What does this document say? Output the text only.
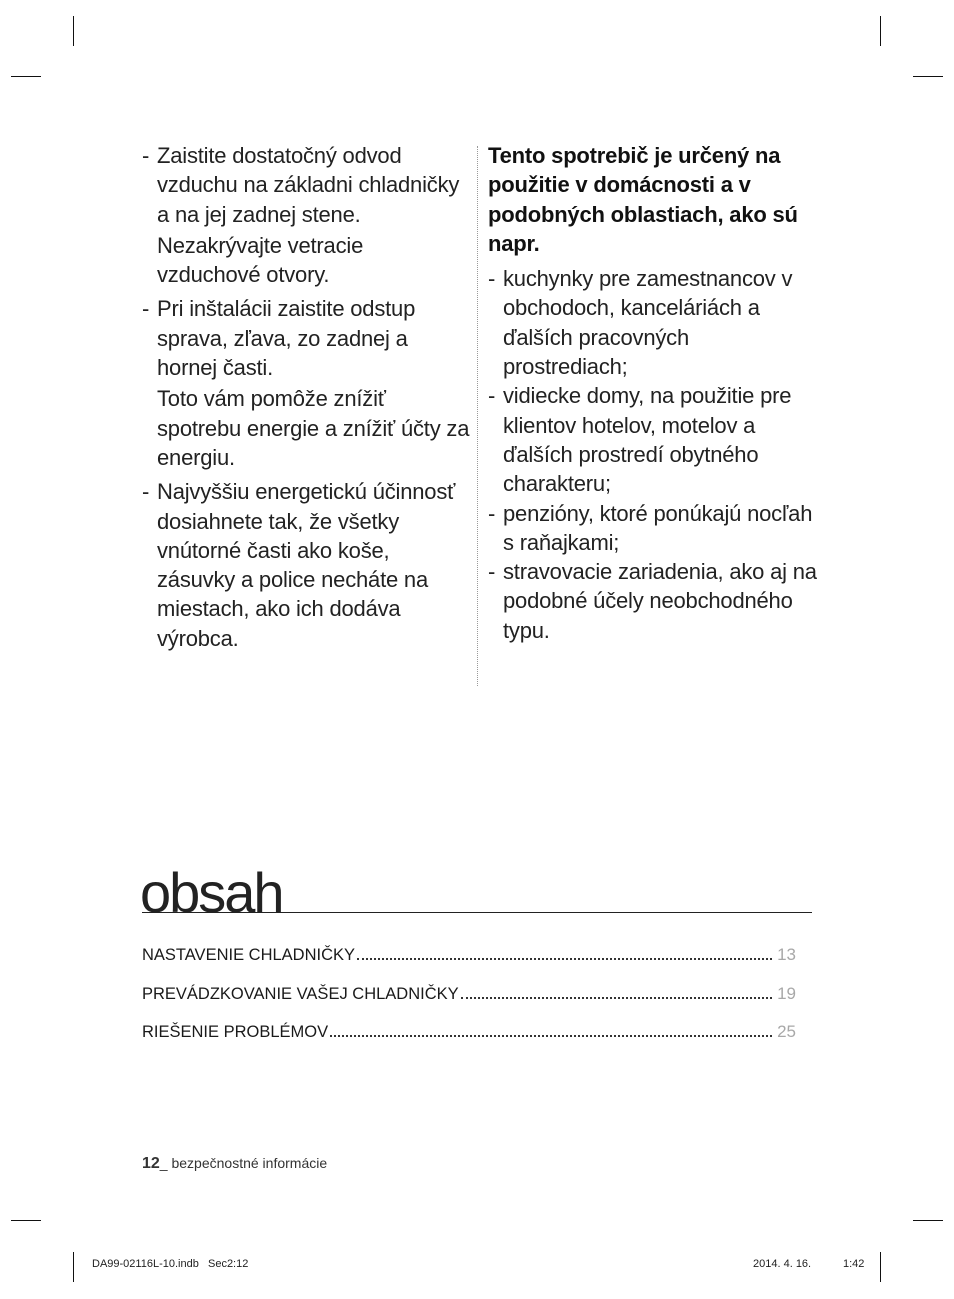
- Zaistite dostatočný odvod vzduchu na základni chladničky a na jej zadnej stene.

Nezakrývajte vetracie vzduchové otvory.

- Pri inštalácii zaistite odstup sprava, zľava, zo zadnej a hornej časti.

Toto vám pomôže znížiť spotrebu energie a znížiť účty za energiu.

- Najvyššiu energetickú účinnosť dosiahnete tak, že všetky vnútorné časti ako koše, zásuvky a police necháte na miestach, ako ich dodáva výrobca.

Tento spotrebič je určený na použitie v domácnosti a v podobných oblastiach, ako sú napr.

- kuchynky pre zamestnancov v obchodoch, kanceláriách a ďalších pracovných prostrediach;

- vidiecke domy, na použitie pre klientov hotelov, motelov a ďalších prostredí obytného charakteru;

- penzióny, ktoré ponúkajú nocľah s raňajkami;

- stravovacie zariadenia, ako aj na podobné účely neobchodného typu.

obsah
NASTAVENIE CHLADNIČKY	13
PREVÁDZKOVANIE VAŠEJ CHLADNIČKY	19
RIEŠENIE PROBLÉMOV	25
12_ bezpečnostné informácie
DA99-02116L-10.indb   Sec2:12	2014. 4. 16.	1:42
